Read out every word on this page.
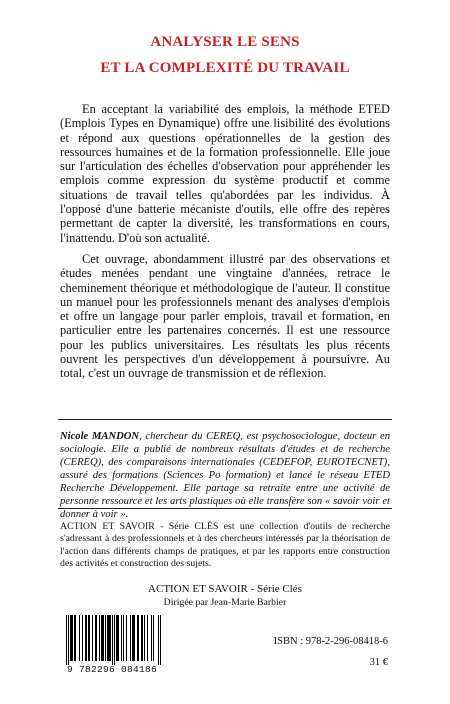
ANALYSER LE SENS
ET LA COMPLEXITÉ DU TRAVAIL

En acceptant la variabilité des emplois, la méthode ETED (Emplois Types en Dynamique) offre une lisibilité des évolutions et répond aux questions opérationnelles de la gestion des ressources humaines et de la formation professionnelle. Elle joue sur l'articulation des échelles d'observation pour appréhender les emplois comme expression du système productif et comme situations de travail telles qu'abordées par les individus. À l'opposé d'une batterie mécaniste d'outils, elle offre des repères permettant de capter la diversité, les transformations en cours, l'inattendu. D'où son actualité.

Cet ouvrage, abondamment illustré par des observations et études menées pendant une vingtaine d'années, retrace le cheminement théorique et méthodologique de l'auteur. Il constitue un manuel pour les professionnels menant des analyses d'emplois et offre un langage pour parler emplois, travail et formation, en particulier entre les partenaires concernés. Il est une ressource pour les publics universitaires. Les résultats les plus récents ouvrent les perspectives d'un développement à poursuivre. Au total, c'est un ouvrage de transmission et de réflexion.

Nicole MANDON, chercheur du CEREQ, est psychosociologue, docteur en sociologie. Elle a publié de nombreux résultats d'études et de recherche (CEREQ), des comparaisons internationales (CEDEFOP, EUROTECNET), assuré des formations (Sciences Po formation) et lancé le réseau ETED Recherche Développement. Elle partage sa retraite entre une activité de personne ressource et les arts plastiques où elle transfère son « savoir voir et donner à voir ».
ACTION ET SAVOIR - Série CLÉS est une collection d'outils de recherche s'adressant à des professionnels et à des chercheurs intéressés par la théorisation de l'action dans différents champs de pratiques, et par les rapports entre construction des activités et construction des sujets.
ACTION ET SAVOIR - Série Clés
Dirigée par Jean-Marie Barbier
9 782296 084186
ISBN : 978-2-296-08418-6
31 €
